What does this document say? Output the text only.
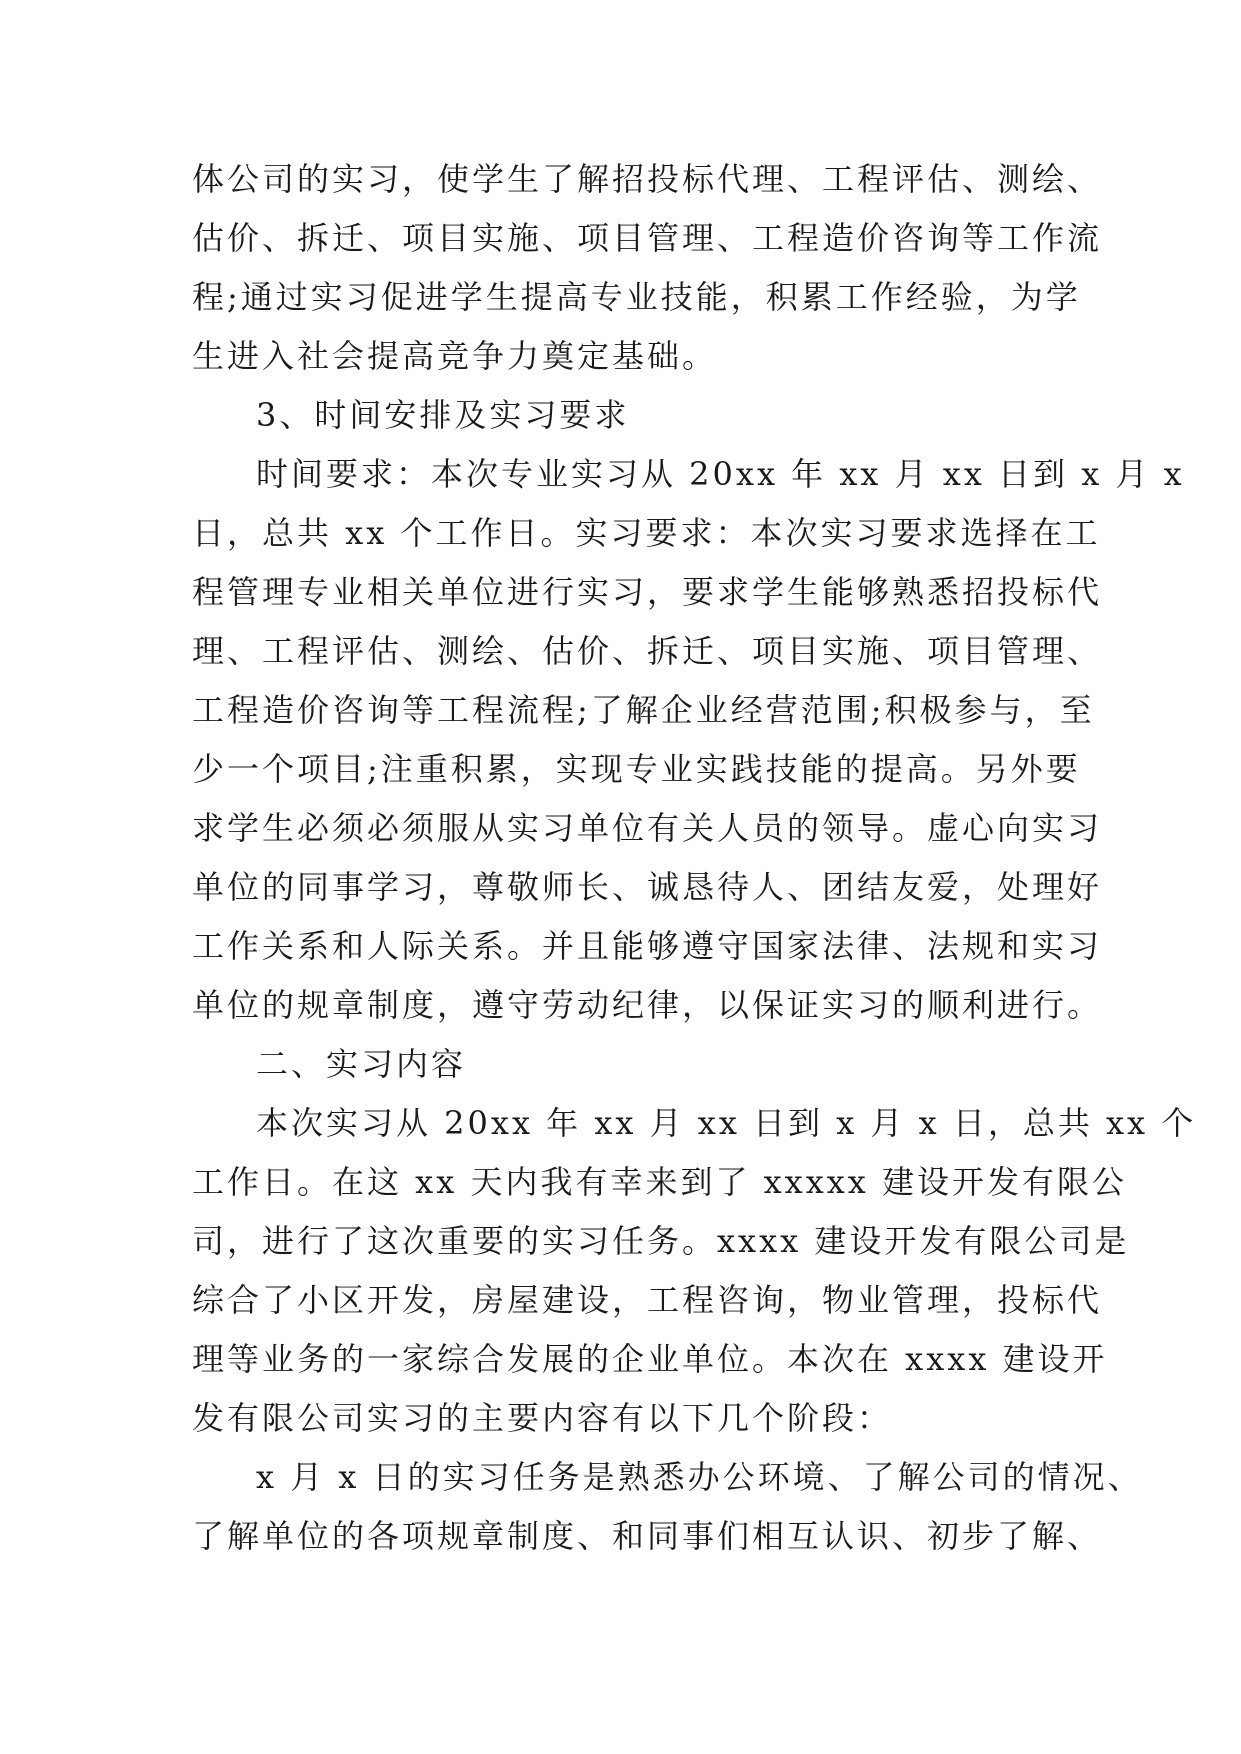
体公司的实习，使学生了解招投标代理、工程评估、测绘、
估价、拆迁、项目实施、项目管理、工程造价咨询等工作流
程;通过实习促进学生提高专业技能，积累工作经验，为学
生进入社会提高竞争力奠定基础。
3、时间安排及实习要求
时间要求：本次专业实习从 20xx 年 xx 月 xx 日到 x 月 x
日，总共 xx 个工作日。实习要求：本次实习要求选择在工
程管理专业相关单位进行实习，要求学生能够熟悉招投标代
理、工程评估、测绘、估价、拆迁、项目实施、项目管理、
工程造价咨询等工程流程;了解企业经营范围;积极参与，至
少一个项目;注重积累，实现专业实践技能的提高。另外要
求学生必须必须服从实习单位有关人员的领导。虚心向实习
单位的同事学习，尊敬师长、诚恳待人、团结友爱，处理好
工作关系和人际关系。并且能够遵守国家法律、法规和实习
单位的规章制度，遵守劳动纪律，以保证实习的顺利进行。
二、实习内容
本次实习从 20xx 年 xx 月 xx 日到 x 月 x 日，总共 xx 个
工作日。在这 xx 天内我有幸来到了 xxxxx 建设开发有限公
司，进行了这次重要的实习任务。xxxx 建设开发有限公司是
综合了小区开发，房屋建设，工程咨询，物业管理，投标代
理等业务的一家综合发展的企业单位。本次在 xxxx 建设开
发有限公司实习的主要内容有以下几个阶段：
x 月 x 日的实习任务是熟悉办公环境、了解公司的情况、
了解单位的各项规章制度、和同事们相互认识、初步了解、
